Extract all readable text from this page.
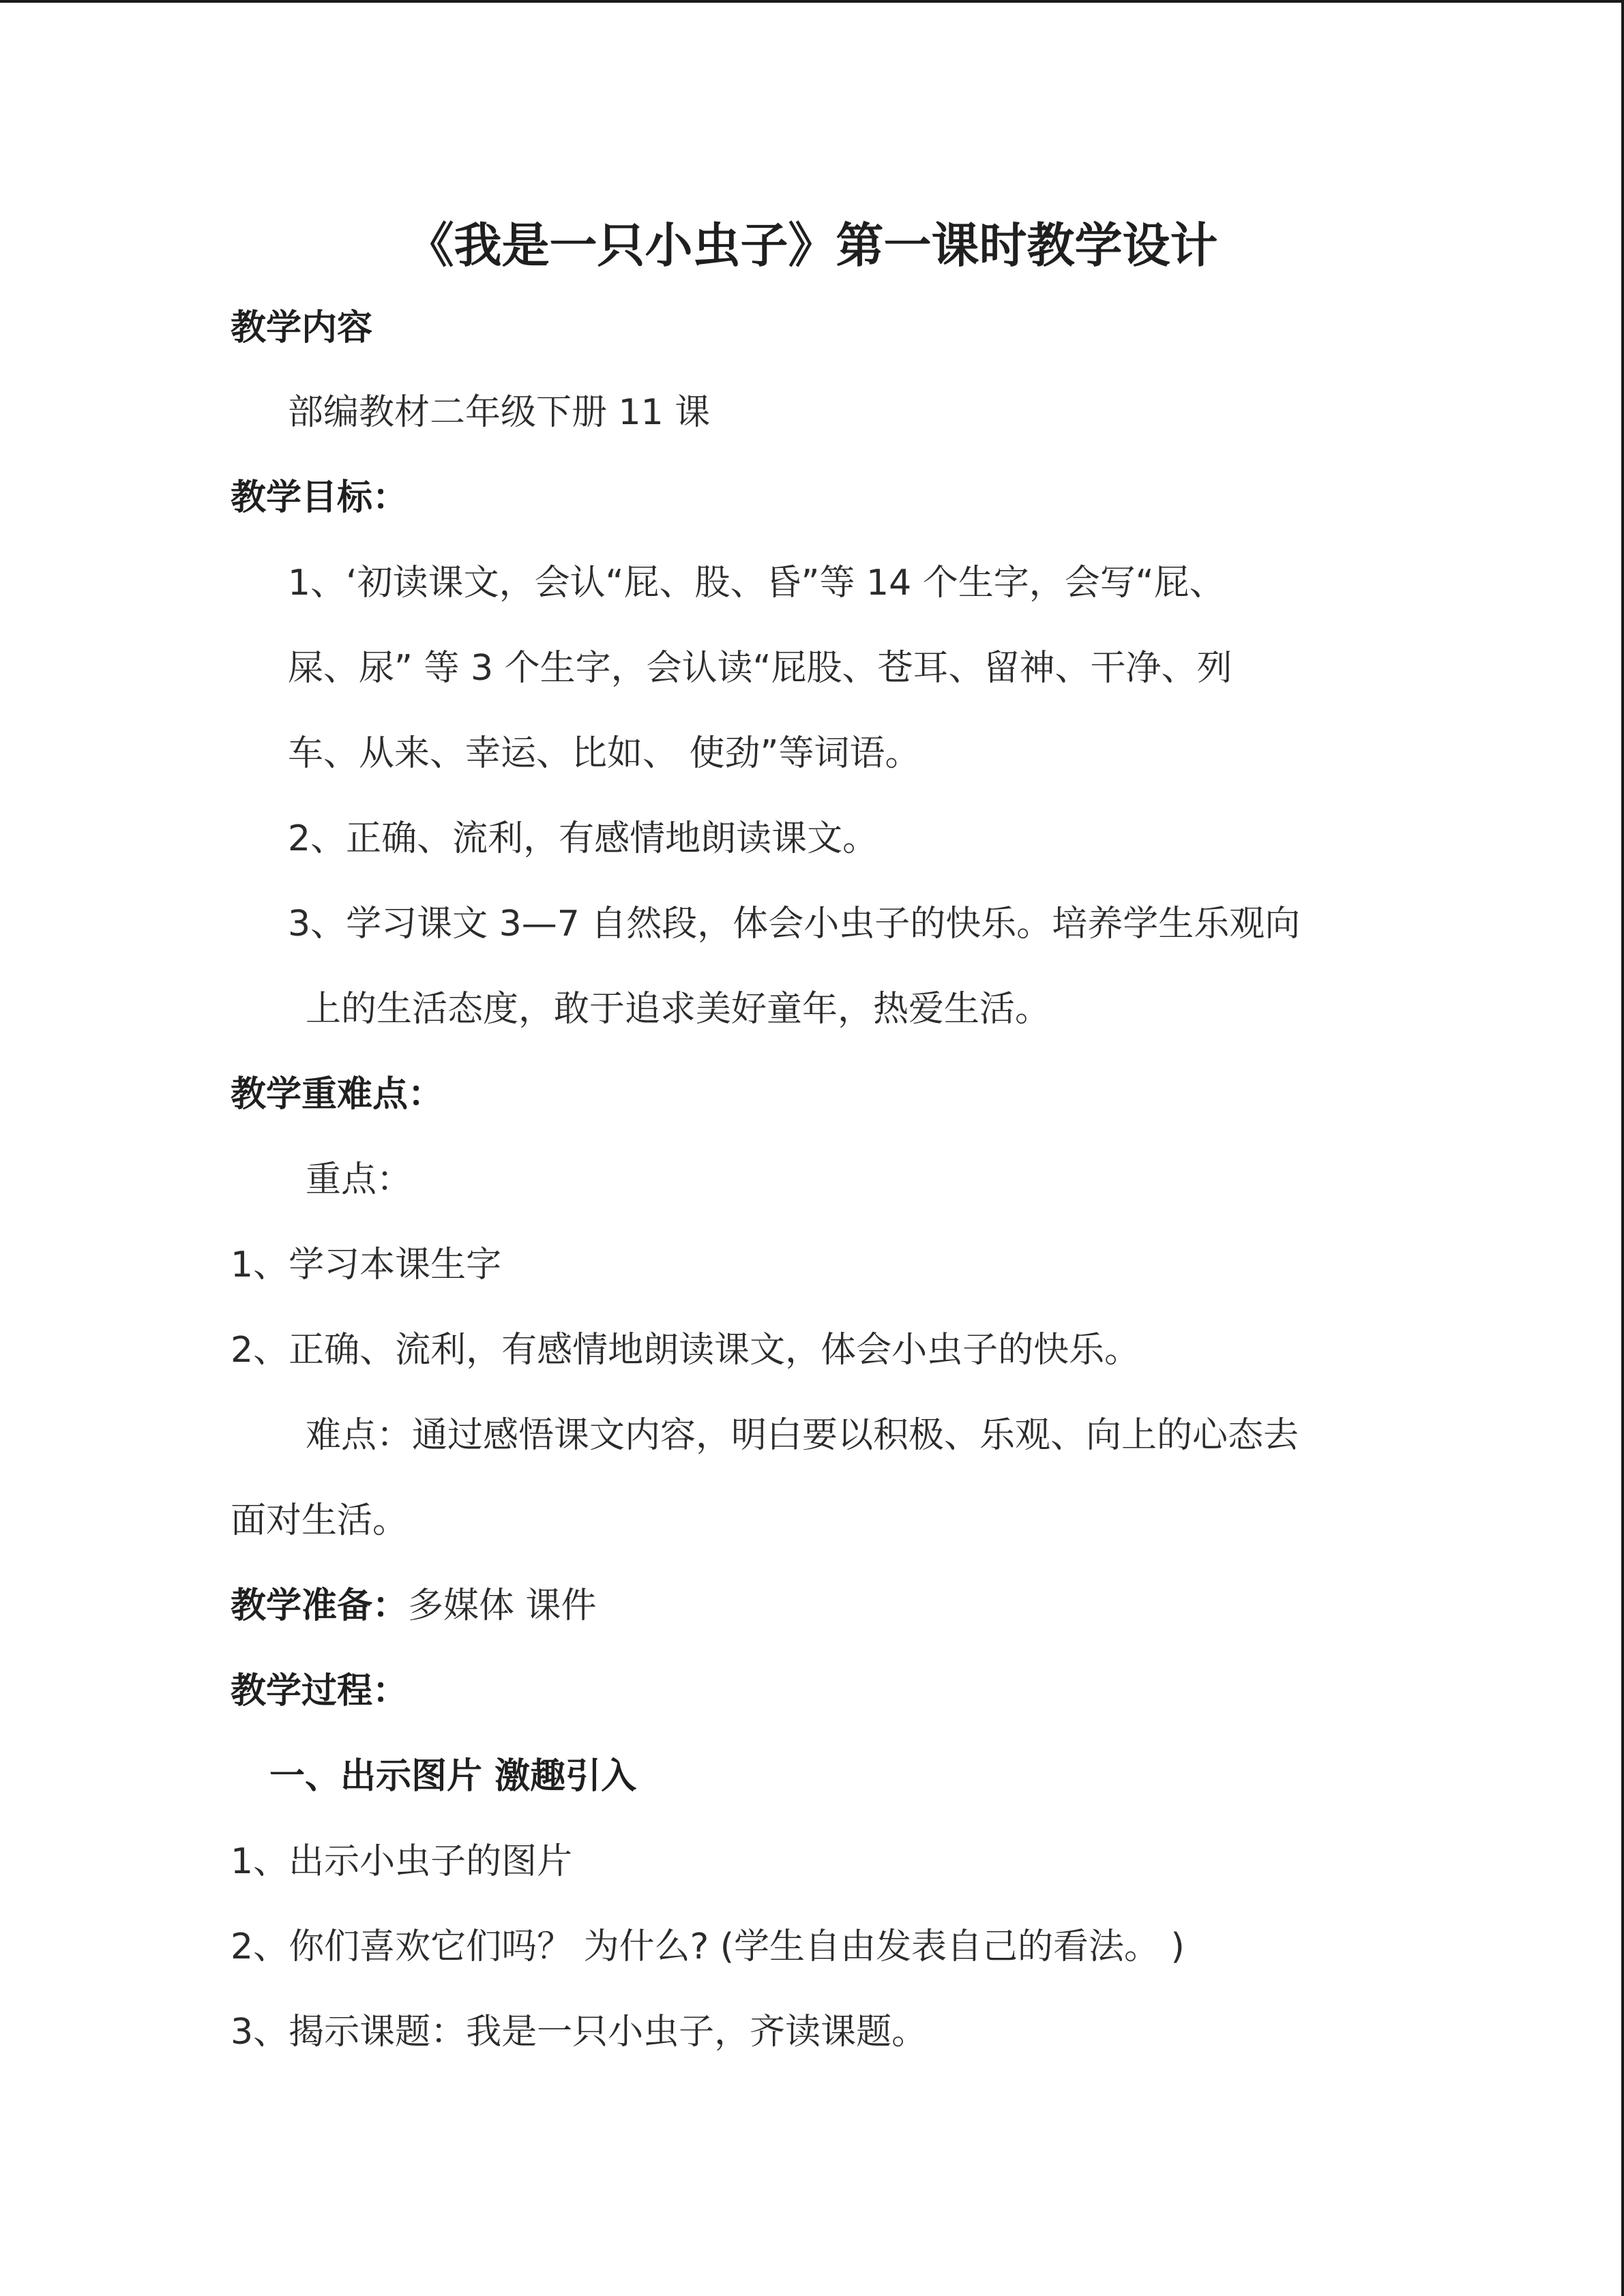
《我是一只小虫子》第一课时教学设计
教学内容
部编教材二年级下册 11 课
教学目标：
1、‘初读课文，会认“屁、股、昏”等 14 个生字，会写“屁、
屎、尿” 等 3 个生字，会认读“屁股、苍耳、留神、干净、列
车、从来、幸运、比如、 使劲”等词语。
2、正确、流利，有感情地朗读课文。
3、学习课文 3—7 自然段，体会小虫子的快乐。培养学生乐观向
上的生活态度，敢于追求美好童年，热爱生活。
教学重难点：
重点：
1、学习本课生字
2、正确、流利，有感情地朗读课文，体会小虫子的快乐。
难点：通过感悟课文内容，明白要以积极、乐观、向上的心态去
面对生活。
教学准备：多媒体 课件
教学过程：
一、出示图片 激趣引入
1、出示小虫子的图片
2、你们喜欢它们吗？ 为什么? (学生自由发表自己的看法。 )
3、揭示课题：我是一只小虫子，齐读课题。
